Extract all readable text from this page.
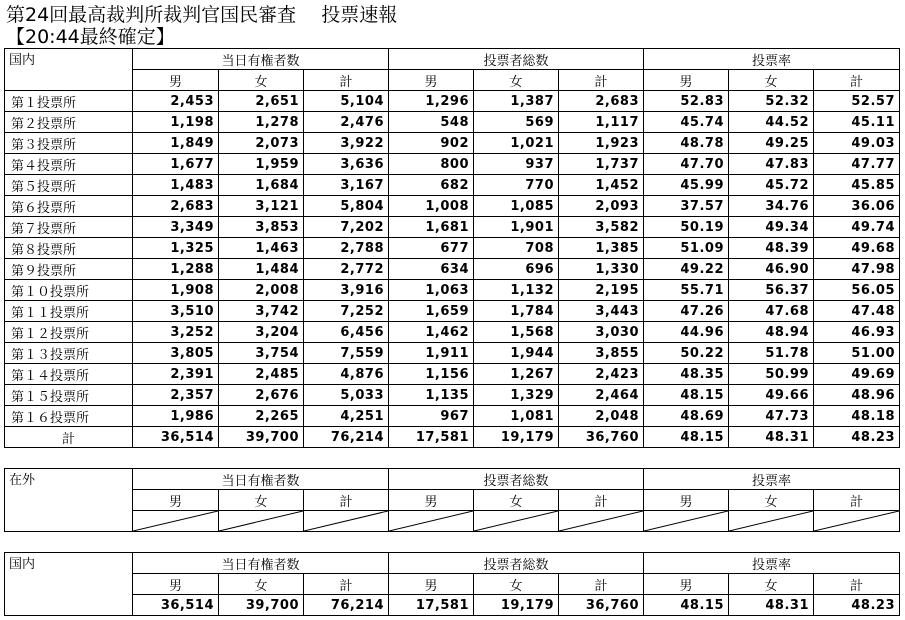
第24回最高裁判所裁判官国民審査　 投票速報
【20:44最終確定】
国内	当日有権者数			投票者総数			投票率		
	男	女	計	男	女	計	男	女	計
第１投票所	2,453	2,651	5,104	1,296	1,387	2,683	52.83	52.32	52.57
第２投票所	1,198	1,278	2,476	548	569	1,117	45.74	44.52	45.11
第３投票所	1,849	2,073	3,922	902	1,021	1,923	48.78	49.25	49.03
第４投票所	1,677	1,959	3,636	800	937	1,737	47.70	47.83	47.77
第５投票所	1,483	1,684	3,167	682	770	1,452	45.99	45.72	45.85
第６投票所	2,683	3,121	5,804	1,008	1,085	2,093	37.57	34.76	36.06
第７投票所	3,349	3,853	7,202	1,681	1,901	3,582	50.19	49.34	49.74
第８投票所	1,325	1,463	2,788	677	708	1,385	51.09	48.39	49.68
第９投票所	1,288	1,484	2,772	634	696	1,330	49.22	46.90	47.98
第１０投票所	1,908	2,008	3,916	1,063	1,132	2,195	55.71	56.37	56.05
第１１投票所	3,510	3,742	7,252	1,659	1,784	3,443	47.26	47.68	47.48
第１２投票所	3,252	3,204	6,456	1,462	1,568	3,030	44.96	48.94	46.93
第１３投票所	3,805	3,754	7,559	1,911	1,944	3,855	50.22	51.78	51.00
第１４投票所	2,391	2,485	4,876	1,156	1,267	2,423	48.35	50.99	49.69
第１５投票所	2,357	2,676	5,033	1,135	1,329	2,464	48.15	49.66	48.96
第１６投票所	1,986	2,265	4,251	967	1,081	2,048	48.69	47.73	48.18
計	36,514	39,700	76,214	17,581	19,179	36,760	48.15	48.31	48.23
在外	当日有権者数			投票者総数			投票率		
	男	女	計	男	女	計	男	女	計

国内	当日有権者数			投票者総数			投票率		
	男	女	計	男	女	計	男	女	計
	36,514	39,700	76,214	17,581	19,179	36,760	48.15	48.31	48.23
